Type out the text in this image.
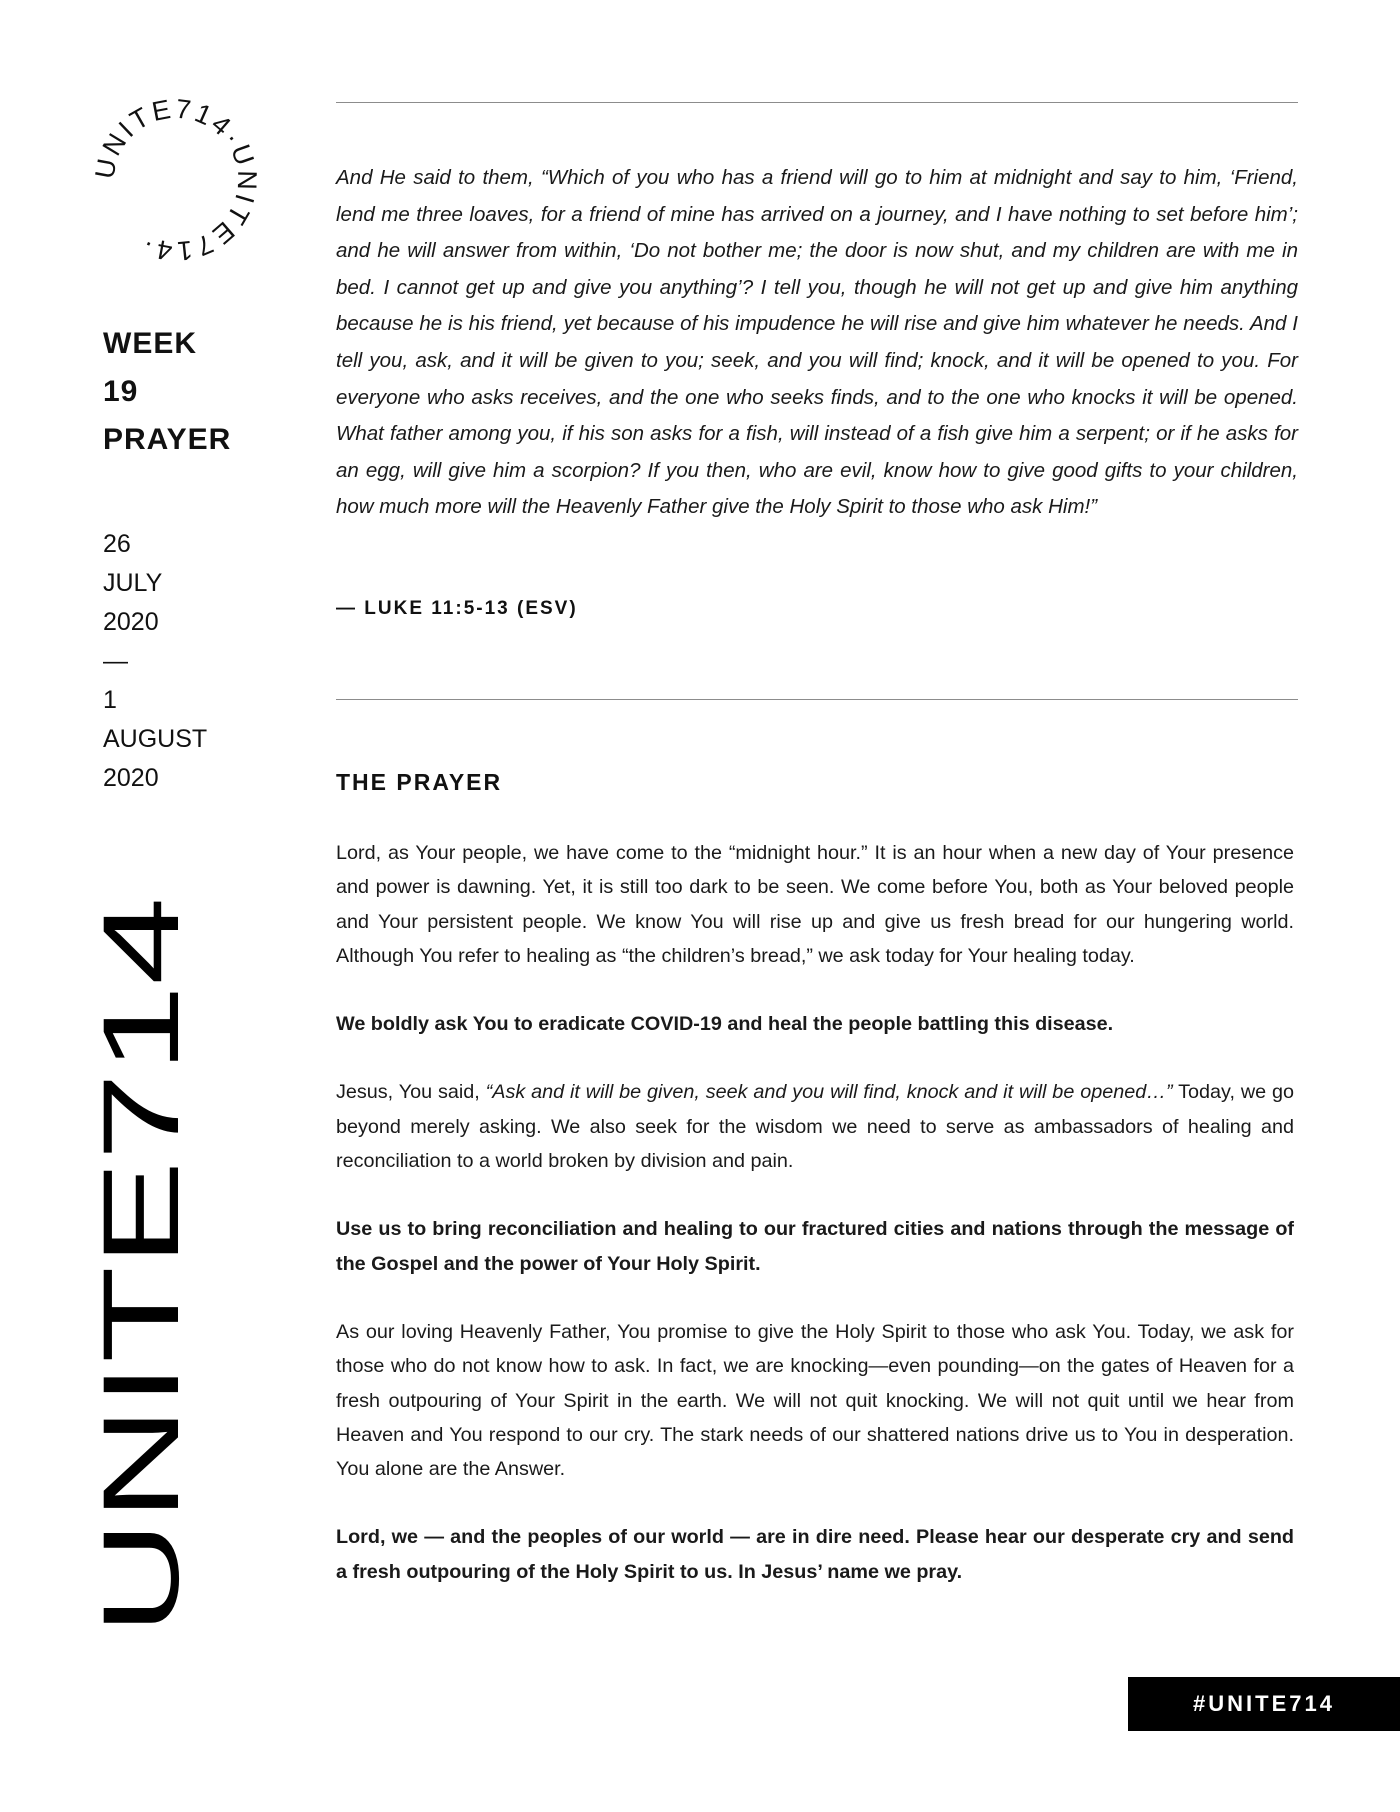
UNITE714·UNITE714·
WEEK
19
PRAYER
26
JULY
2020
—
1
AUGUST
2020
UNITE714
And He said to them, “Which of you who has a friend will go to him at midnight and say to him, ‘Friend, lend me three loaves, for a friend of mine has arrived on a journey, and I have nothing to set before him’; and he will answer from within, ‘Do not bother me; the door is now shut, and my children are with me in bed. I cannot get up and give you anything’? I tell you, though he will not get up and give him anything because he is his friend, yet because of his impudence he will rise and give him whatever he needs. And I tell you, ask, and it will be given to you; seek, and you will find; knock, and it will be opened to you. For everyone who asks receives, and the one who seeks finds, and to the one who knocks it will be opened. What father among you, if his son asks for a fish, will instead of a fish give him a serpent; or if he asks for an egg, will give him a scorpion? If you then, who are evil, know how to give good gifts to your children, how much more will the Heavenly Father give the Holy Spirit to those who ask Him!”
— LUKE 11:5-13 (ESV)
THE PRAYER

Lord, as Your people, we have come to the “midnight hour.” It is an hour when a new day of Your presence and power is dawning. Yet, it is still too dark to be seen. We come before You, both as Your beloved people and Your persistent people. We know You will rise up and give us fresh bread for our hungering world. Although You refer to healing as “the children’s bread,” we ask today for Your healing today.

We boldly ask You to eradicate COVID-19 and heal the people battling this disease.

Jesus, You said, “Ask and it will be given, seek and you will find, knock and it will be opened…” Today, we go beyond merely asking. We also seek for the wisdom we need to serve as ambassadors of healing and reconciliation to a world broken by division and pain.

Use us to bring reconciliation and healing to our fractured cities and nations through the message of the Gospel and the power of Your Holy Spirit.

As our loving Heavenly Father, You promise to give the Holy Spirit to those who ask You. Today, we ask for those who do not know how to ask. In fact, we are knocking—even pounding—on the gates of Heaven for a fresh outpouring of Your Spirit in the earth. We will not quit knocking. We will not quit until we hear from Heaven and You respond to our cry. The stark needs of our shattered nations drive us to You in desperation. You alone are the Answer.

Lord, we — and the peoples of our world — are in dire need. Please hear our desperate cry and send a fresh outpouring of the Holy Spirit to us. In Jesus’ name we pray.

#UNITE714
